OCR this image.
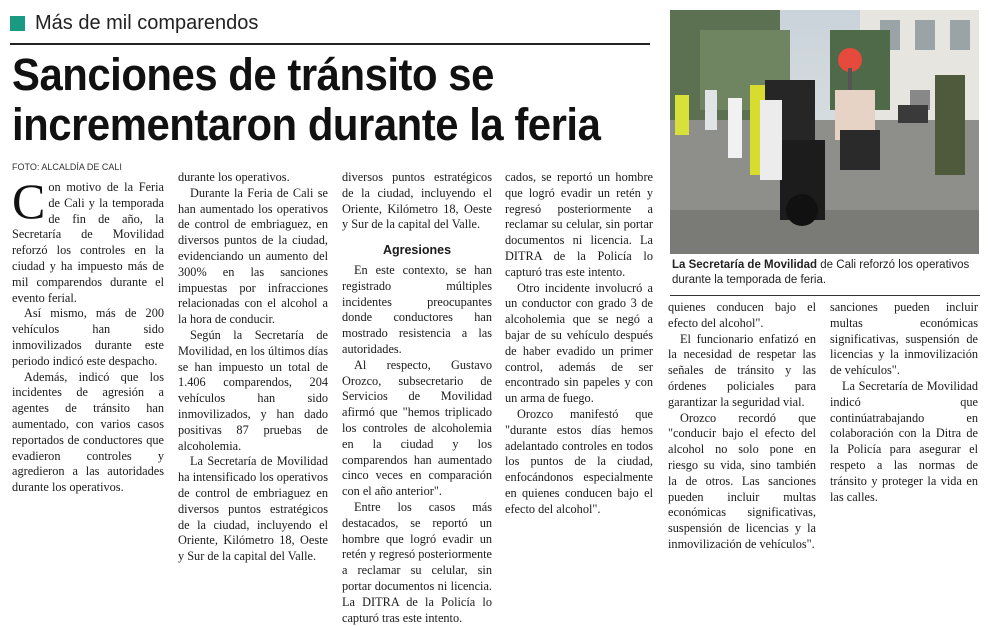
Más de mil comparendos
Sanciones de tránsito se
incrementaron durante la feria
FOTO: ALCALDÍA DE CALI

Con motivo de la Feria de Cali y la temporada de fin de año, la Secretaría de Movilidad reforzó los controles en la ciudad y ha impuesto más de mil comparendos durante el evento ferial.

Así mismo, más de 200 vehículos han sido inmovilizados durante este periodo indicó este despacho.

Además, indicó que los incidentes de agresión a agentes de tránsito han aumentado, con varios casos reportados de conductores que evadieron controles y agredieron a las autoridades durante los operativos.

durante los operativos.

Durante la Feria de Cali se han aumentado los operativos de control de embriaguez, en diversos puntos de la ciudad, evidenciando un aumento del 300% en las sanciones impuestas por infracciones relacionadas con el alcohol a la hora de conducir.

Según la Secretaría de Movilidad, en los últimos días se han impuesto un total de 1.406 comparendos, 204 vehículos han sido inmovilizados, y han dado positivas 87 pruebas de alcoholemia.

La Secretaría de Movilidad ha intensificado los operativos de control de embriaguez en diversos puntos estratégicos de la ciudad, incluyendo el Oriente, Kilómetro 18, Oeste y Sur de la capital del Valle.

diversos puntos estratégicos de la ciudad, incluyendo el Oriente, Kilómetro 18, Oeste y Sur de la capital del Valle.

Agresiones

En este contexto, se han registrado múltiples incidentes preocupantes donde conductores han mostrado resistencia a las autoridades.

Al respecto, Gustavo Orozco, subsecretario de Servicios de Movilidad afirmó que "hemos triplicado los controles de alcoholemia en la ciudad y los comparendos han aumentado cinco veces en comparación con el año anterior".

Entre los casos más destacados, se reportó un hombre que logró evadir un retén y regresó posteriormente a reclamar su celular, sin portar documentos ni licencia. La DITRA de la Policía lo capturó tras este intento.

cados, se reportó un hombre que logró evadir un retén y regresó posteriormente a reclamar su celular, sin portar documentos ni licencia. La DITRA de la Policía lo capturó tras este intento.

Otro incidente involucró a un conductor con grado 3 de alcoholemia que se negó a bajar de su vehículo después de haber evadido un primer control, además de ser encontrado sin papeles y con un arma de fuego.

Orozco manifestó que "durante estos días hemos adelantado controles en todos los puntos de la ciudad, enfocándonos especialmente en quienes conducen bajo el efecto del alcohol".

La Secretaría de Movilidad de Cali reforzó los operativos durante la temporada de feria.

quienes conducen bajo el efecto del alcohol".

El funcionario enfatizó en la necesidad de respetar las señales de tránsito y las órdenes policiales para garantizar la seguridad vial.

Orozco recordó que "conducir bajo el efecto del alcohol no solo pone en riesgo su vida, sino también la de otros. Las sanciones pueden incluir multas económicas significativas, suspensión de licencias y la inmovilización de vehículos".

sanciones pueden incluir multas económicas significativas, suspensión de licencias y la inmovilización de vehículos".

La Secretaría de Movilidad indicó que continúatrabajando en colaboración con la Ditra de la Policía para asegurar el respeto a las normas de tránsito y proteger la vida en las calles.
